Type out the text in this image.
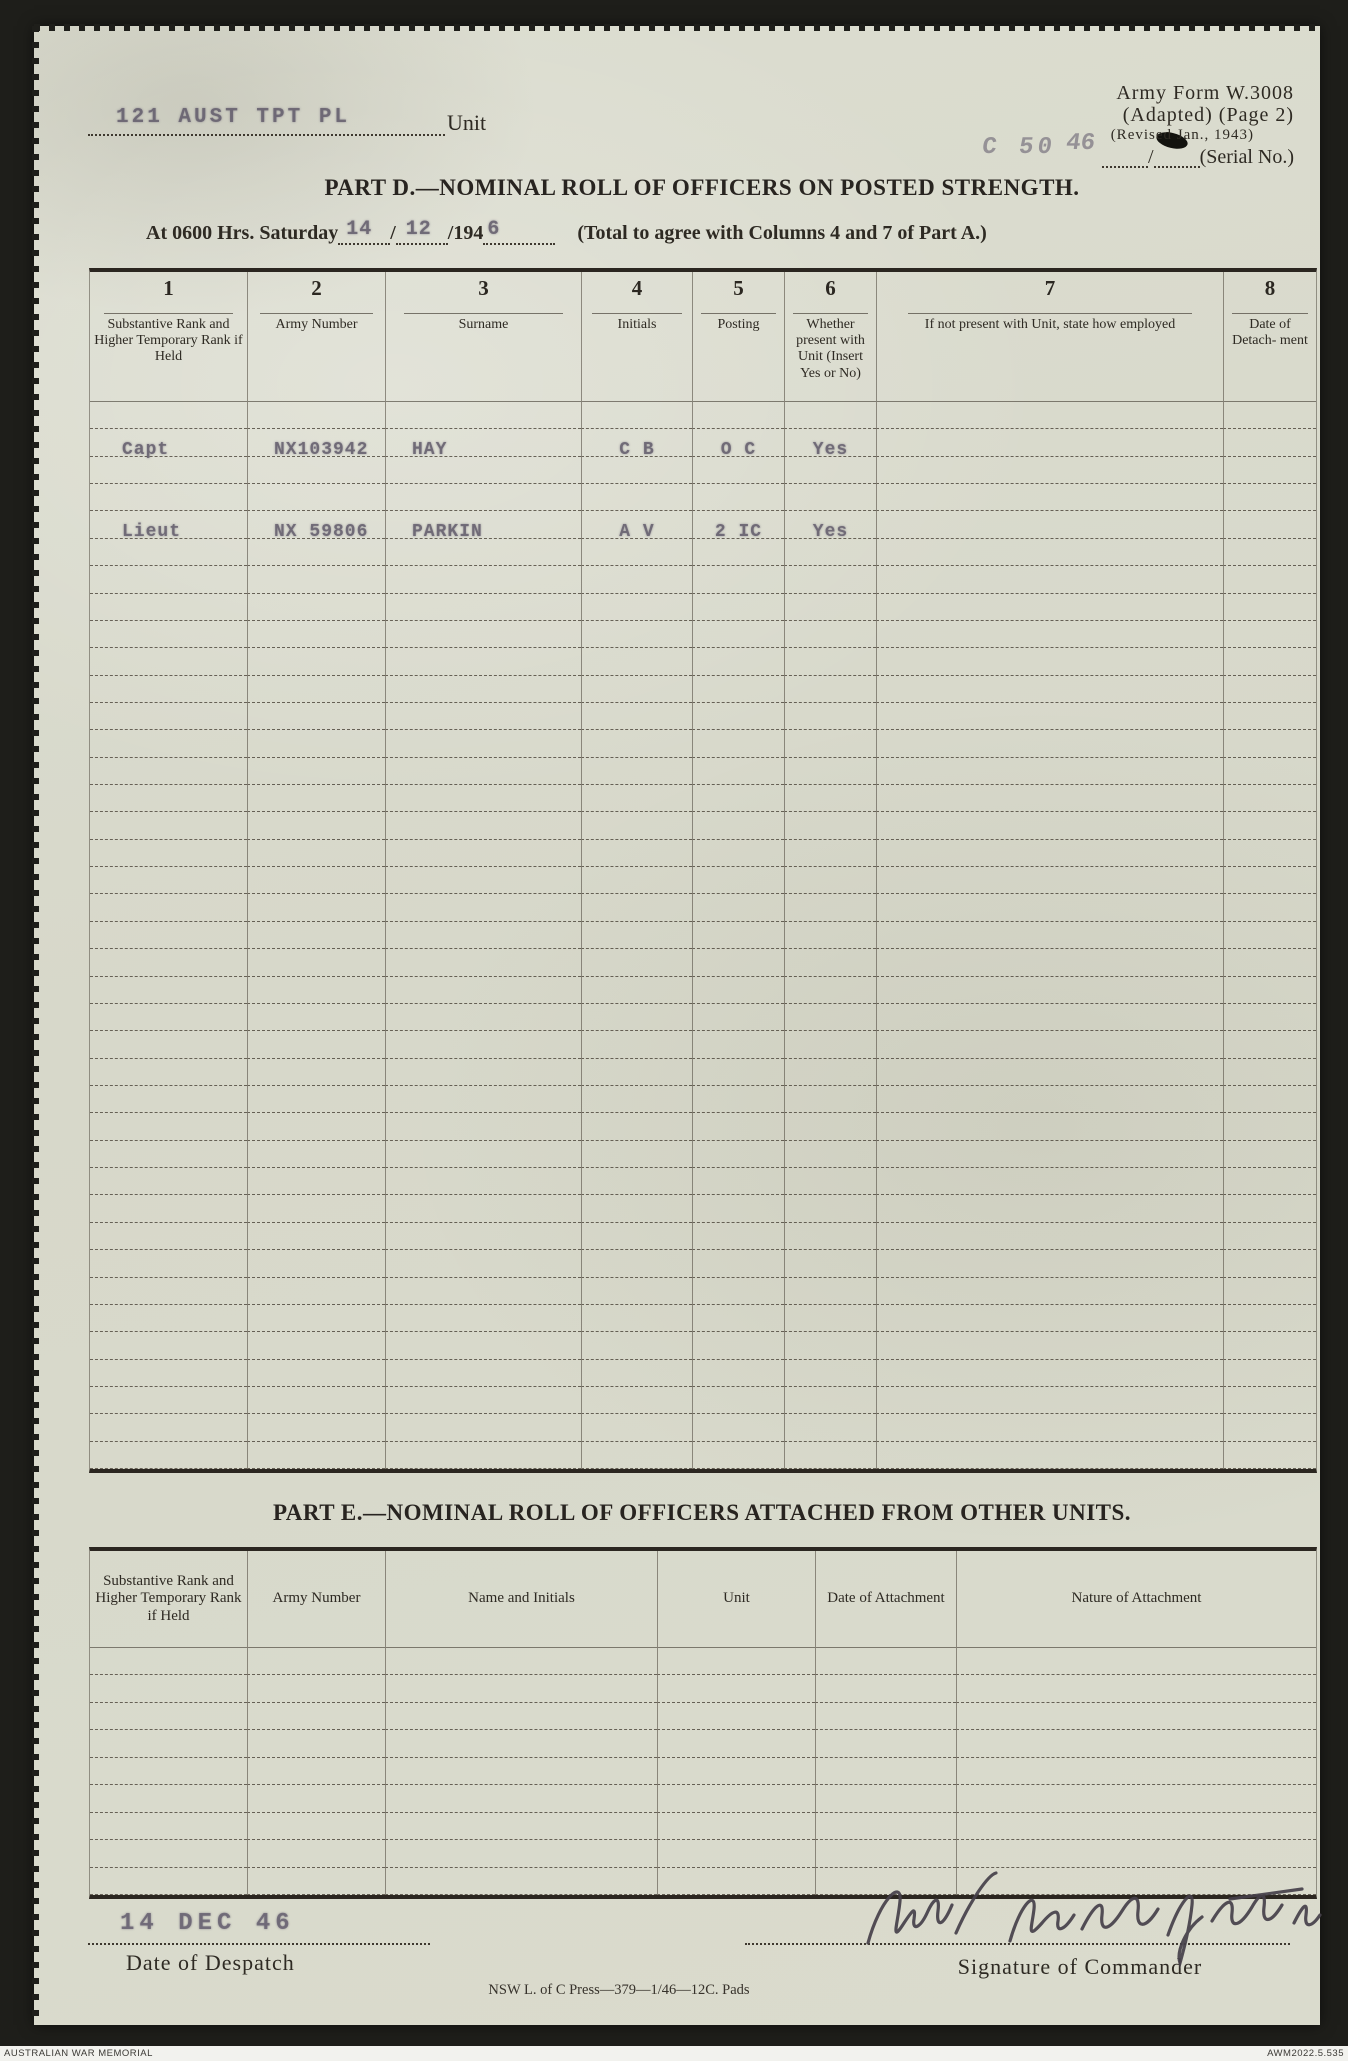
121 AUST TPT PL	Unit
Army Form W.3008
(Adapted) (Page 2)
(Revised Jan., 1943)
C 50 46	/ (Serial No.)
PART D.—NOMINAL ROLL OF OFFICERS ON POSTED STRENGTH.
At 0600 Hrs. Saturday 14 / 12 /194 6	(Total to agree with Columns 4 and 7 of Part A.)
1	2	3	4	5	6	7	8
Substantive Rank and Higher Temporary Rank if Held
Army Number	Surname	Initials	Posting	Whether present with Unit (Insert Yes or No)
If not present with Unit, state how employed	Date of Detach- ment
Capt	NX103942	HAY	C B	O C	Yes
Lieut	NX 59806	PARKIN	A V	2 IC	Yes
PART E.—NOMINAL ROLL OF OFFICERS ATTACHED FROM OTHER UNITS.
Substantive Rank and Higher Temporary Rank if Held
Army Number	Name and Initials	Unit	Date of Attachment	Nature of Attachment
14 DEC 46
Date of Despatch
NSW L. of C Press—379—1/46—12C. Pads
Signature of Commander
AUSTRALIAN WAR MEMORIAL	AWM2022.5.535
